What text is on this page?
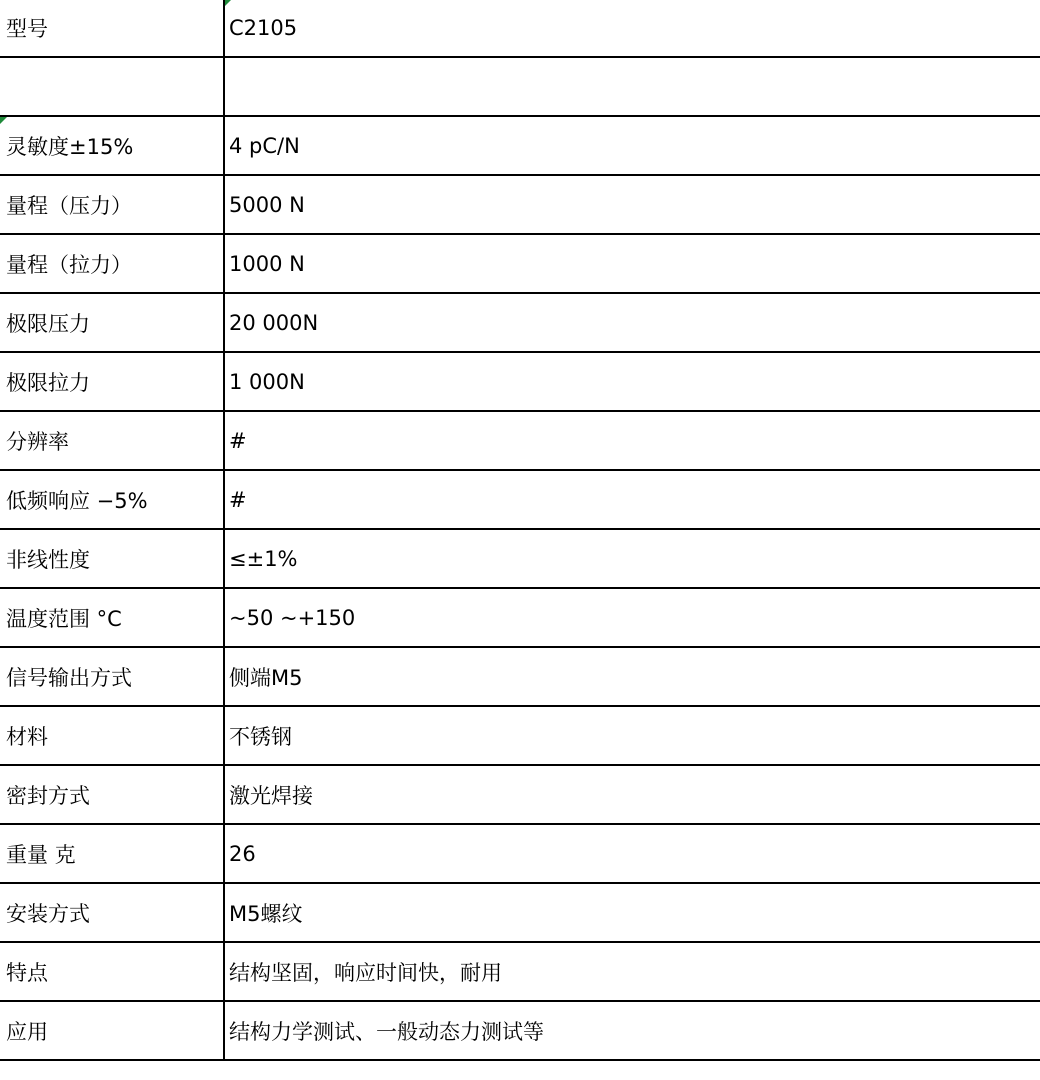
型号	C2105

灵敏度±15%	4 pC/N
量程（压力）	5000 N
量程（拉力）	1000 N
极限压力	20 000N
极限拉力	1 000N
分辨率	#
低频响应 −5%	#
非线性度	≤±1%
温度范围 °C	~50 ~+150
信号输出方式	侧端M5
材料	不锈钢
密封方式	激光焊接
重量 克	26
安装方式	M5螺纹
特点	结构坚固，响应时间快，耐用
应用	结构力学测试、一般动态力测试等
